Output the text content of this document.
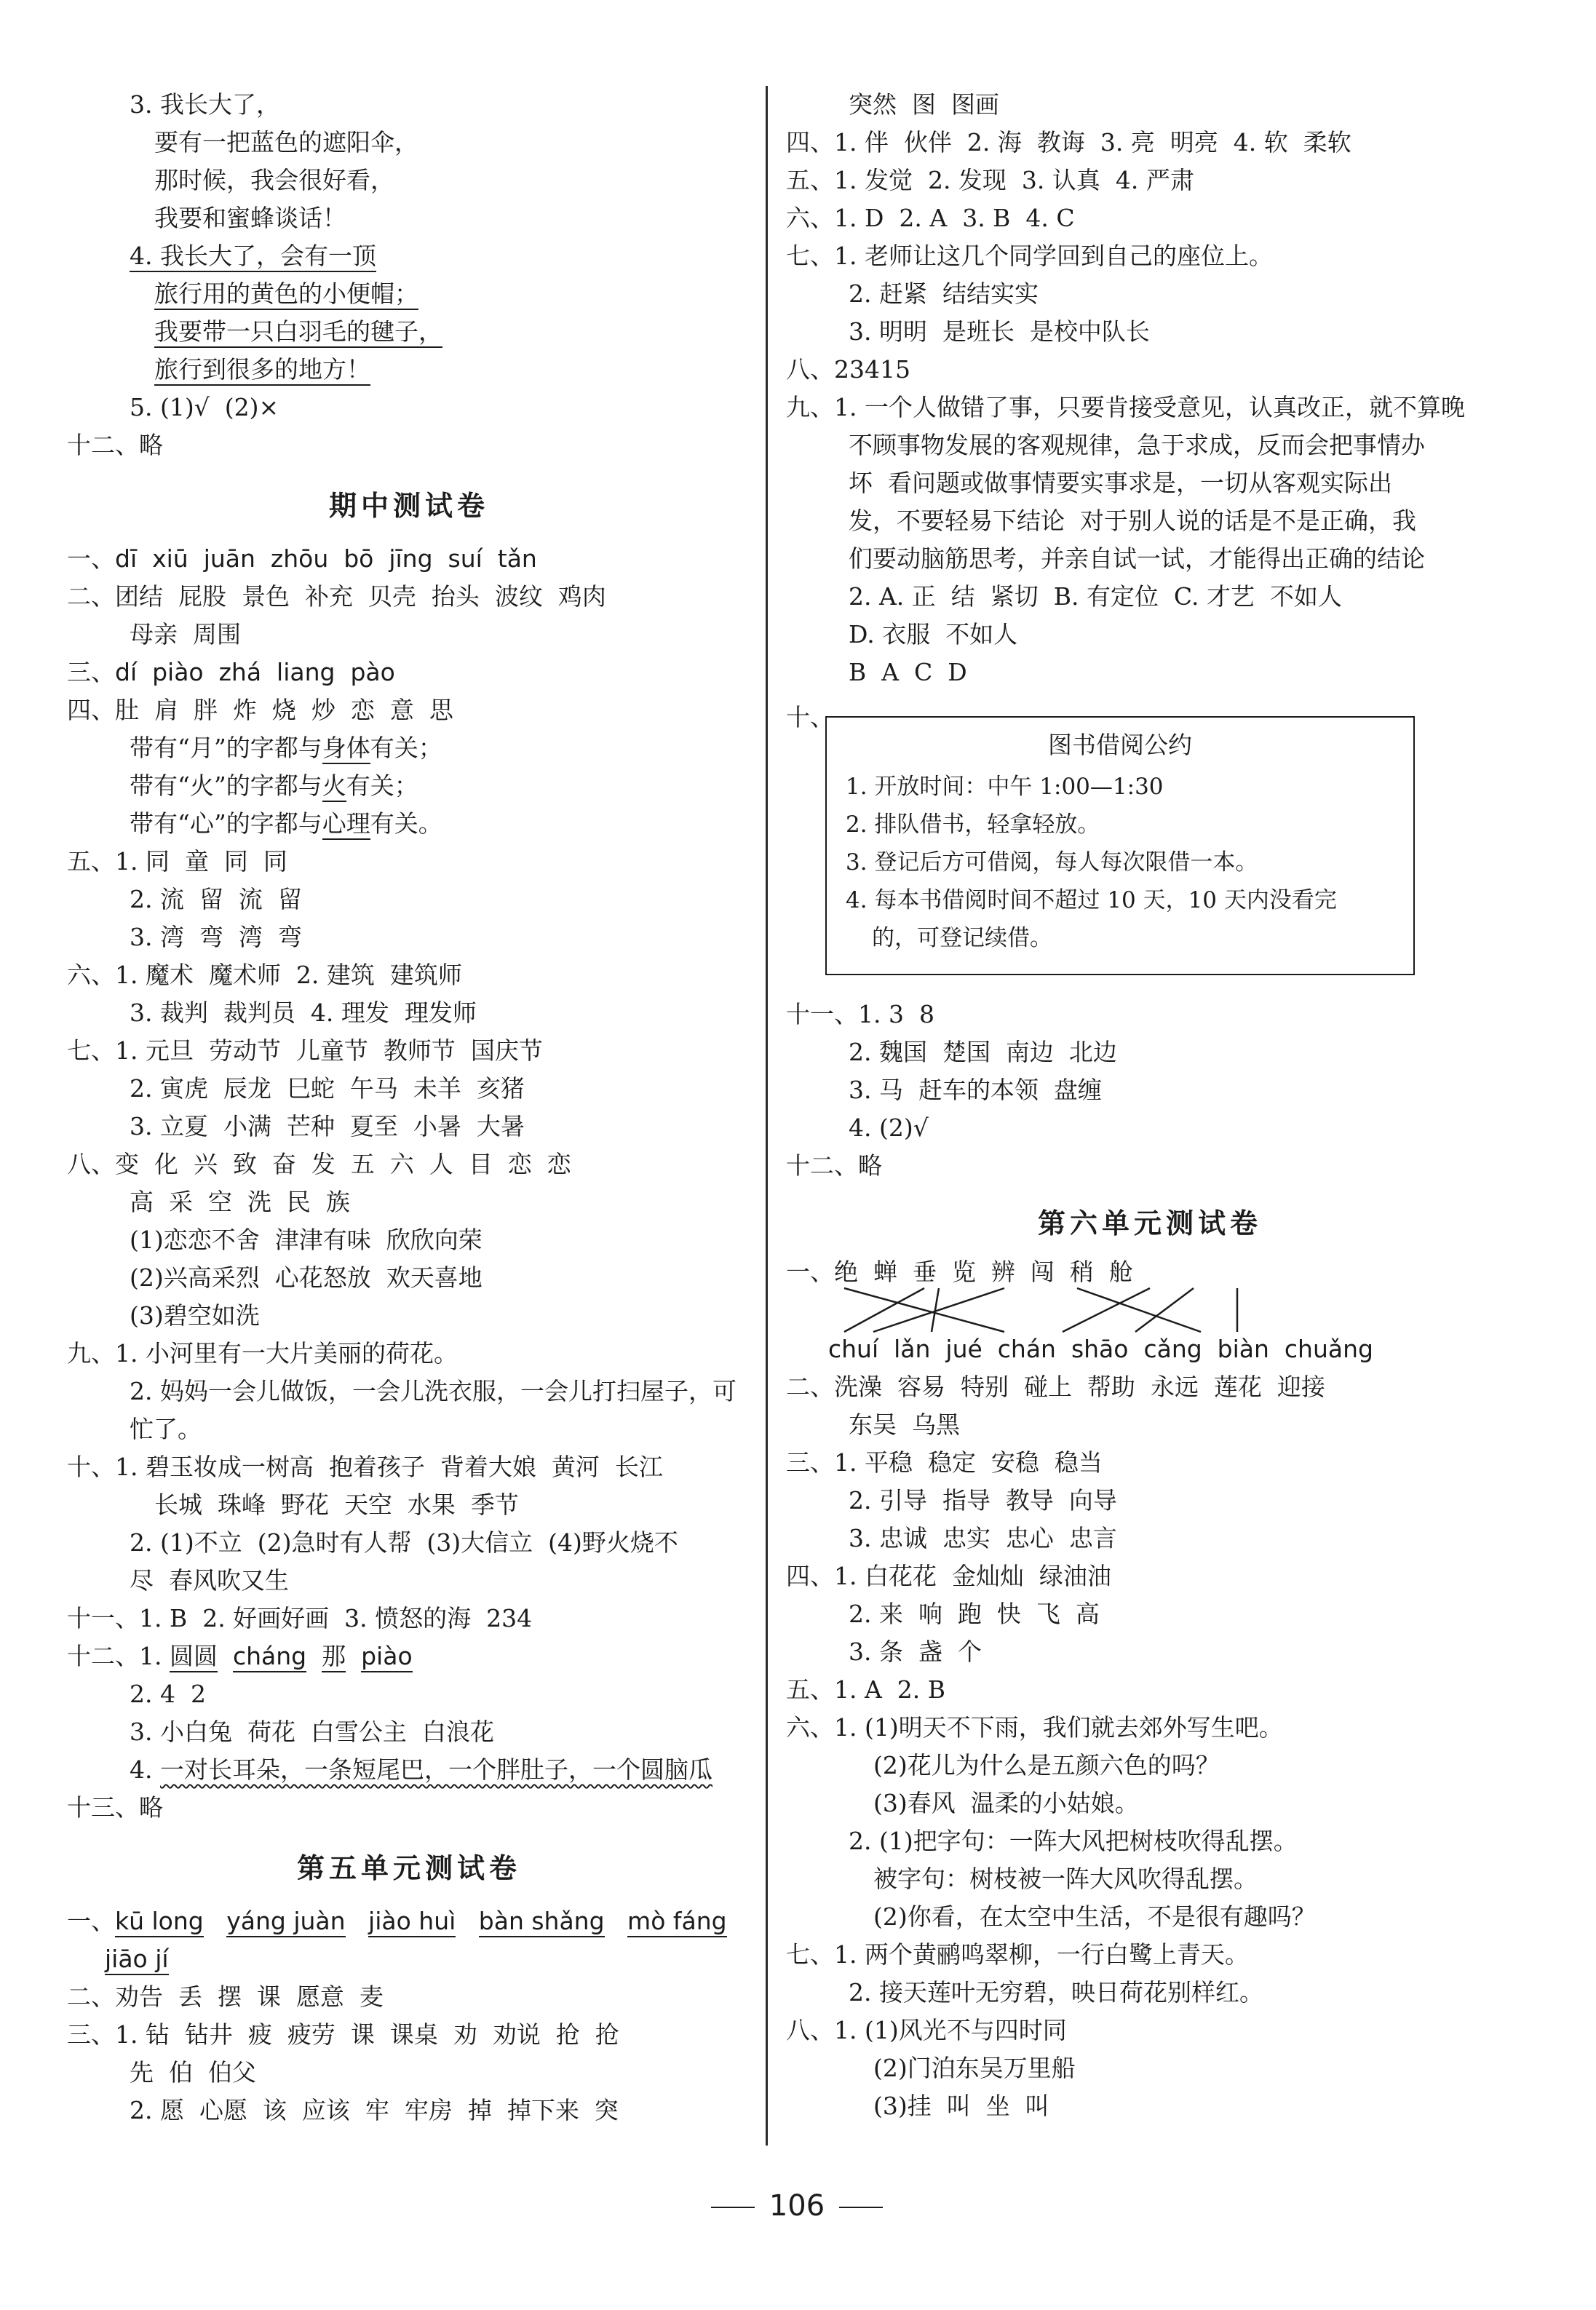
3. 我长大了，
要有一把蓝色的遮阳伞，
那时候，我会很好看，
我要和蜜蜂谈话！
4. 我长大了，会有一顶
旅行用的黄色的小便帽；
我要带一只白羽毛的毽子，
旅行到很多的地方！
5. (1)√  (2)×
十二、略
期中测试卷
一、dī  xiū  juān  zhōu  bō  jīng  suí  tǎn
二、团结  屁股  景色  补充  贝壳  抬头  波纹  鸡肉
母亲  周围
三、dí  piào  zhá  liang  pào
四、肚  肩  胖  炸  烧  炒  恋  意  思
带有“月”的字都与身体有关；
带有“火”的字都与火有关；
带有“心”的字都与心理有关。
五、1. 同  童  同  同
2. 流  留  流  留
3. 湾  弯  湾  弯
六、1. 魔术  魔术师  2. 建筑  建筑师
3. 裁判  裁判员  4. 理发  理发师
七、1. 元旦  劳动节  儿童节  教师节  国庆节
2. 寅虎  辰龙  巳蛇  午马  未羊  亥猪
3. 立夏  小满  芒种  夏至  小暑  大暑
八、变  化  兴  致  奋  发  五  六  人  目  恋  恋
高  采  空  洗  民  族
(1)恋恋不舍  津津有味  欣欣向荣
(2)兴高采烈  心花怒放  欢天喜地
(3)碧空如洗
九、1. 小河里有一大片美丽的荷花。
2. 妈妈一会儿做饭，一会儿洗衣服，一会儿打扫屋子，可
忙了。
十、1. 碧玉妆成一树高  抱着孩子  背着大娘  黄河  长江
长城  珠峰  野花  天空  水果  季节
2. (1)不立  (2)急时有人帮  (3)大信立  (4)野火烧不
尽  春风吹又生
十一、1. B  2. 好画好画  3. 愤怒的海  234
十二、1. 圆圆 cháng 那 piào
2. 4  2
3. 小白兔  荷花  白雪公主  白浪花
4. 一对长耳朵，一条短尾巴，一个胖肚子，一个圆脑瓜
十三、略
第五单元测试卷
一、kū long yáng juàn jiào huì bàn shǎng mò fáng
jiāo jí
二、劝告  丢  摆  课  愿意  麦
三、1. 钻  钻井  疲  疲劳  课  课桌  劝  劝说  抢  抢
先  伯  伯父
2. 愿  心愿  该  应该  牢  牢房  掉  掉下来  突
突然  图  图画
四、1. 伴  伙伴  2. 海  教诲  3. 亮  明亮  4. 软  柔软
五、1. 发觉  2. 发现  3. 认真  4. 严肃
六、1. D  2. A  3. B  4. C
七、1. 老师让这几个同学回到自己的座位上。
2. 赶紧  结结实实
3. 明明  是班长  是校中队长
八、23415
九、1. 一个人做错了事，只要肯接受意见，认真改正，就不算晚
不顾事物发展的客观规律，急于求成，反而会把事情办
坏  看问题或做事情要实事求是，一切从客观实际出
发，不要轻易下结论  对于别人说的话是不是正确，我
们要动脑筋思考，并亲自试一试，才能得出正确的结论
2. A. 正  结  紧切  B. 有定位  C. 才艺  不如人
D. 衣服  不如人
B  A  C  D
十、
图书借阅公约
1. 开放时间：中午 1:00—1:30
2. 排队借书，轻拿轻放。
3. 登记后方可借阅，每人每次限借一本。
4. 每本书借阅时间不超过 10 天，10 天内没看完
的，可登记续借。
十一、1. 3  8
2. 魏国  楚国  南边  北边
3. 马  赶车的本领  盘缠
4. (2)√
十二、略
第六单元测试卷
一、绝  蝉  垂  览  辨  闯  稍  舱
chuí  lǎn  jué  chán  shāo  cǎng  biàn  chuǎng
二、洗澡  容易  特别  碰上  帮助  永远  莲花  迎接
东吴  乌黑
三、1. 平稳  稳定  安稳  稳当
2. 引导  指导  教导  向导
3. 忠诚  忠实  忠心  忠言
四、1. 白花花  金灿灿  绿油油
2. 来  响  跑  快  飞  高
3. 条  盏  个
五、1. A  2. B
六、1. (1)明天不下雨，我们就去郊外写生吧。
(2)花儿为什么是五颜六色的吗？
(3)春风  温柔的小姑娘。
2. (1)把字句：一阵大风把树枝吹得乱摆。
被字句：树枝被一阵大风吹得乱摆。
(2)你看，在太空中生活，不是很有趣吗？
七、1. 两个黄鹂鸣翠柳，一行白鹭上青天。
2. 接天莲叶无穷碧，映日荷花别样红。
八、1. (1)风光不与四时同
(2)门泊东吴万里船
(3)挂  叫  坐  叫
106
